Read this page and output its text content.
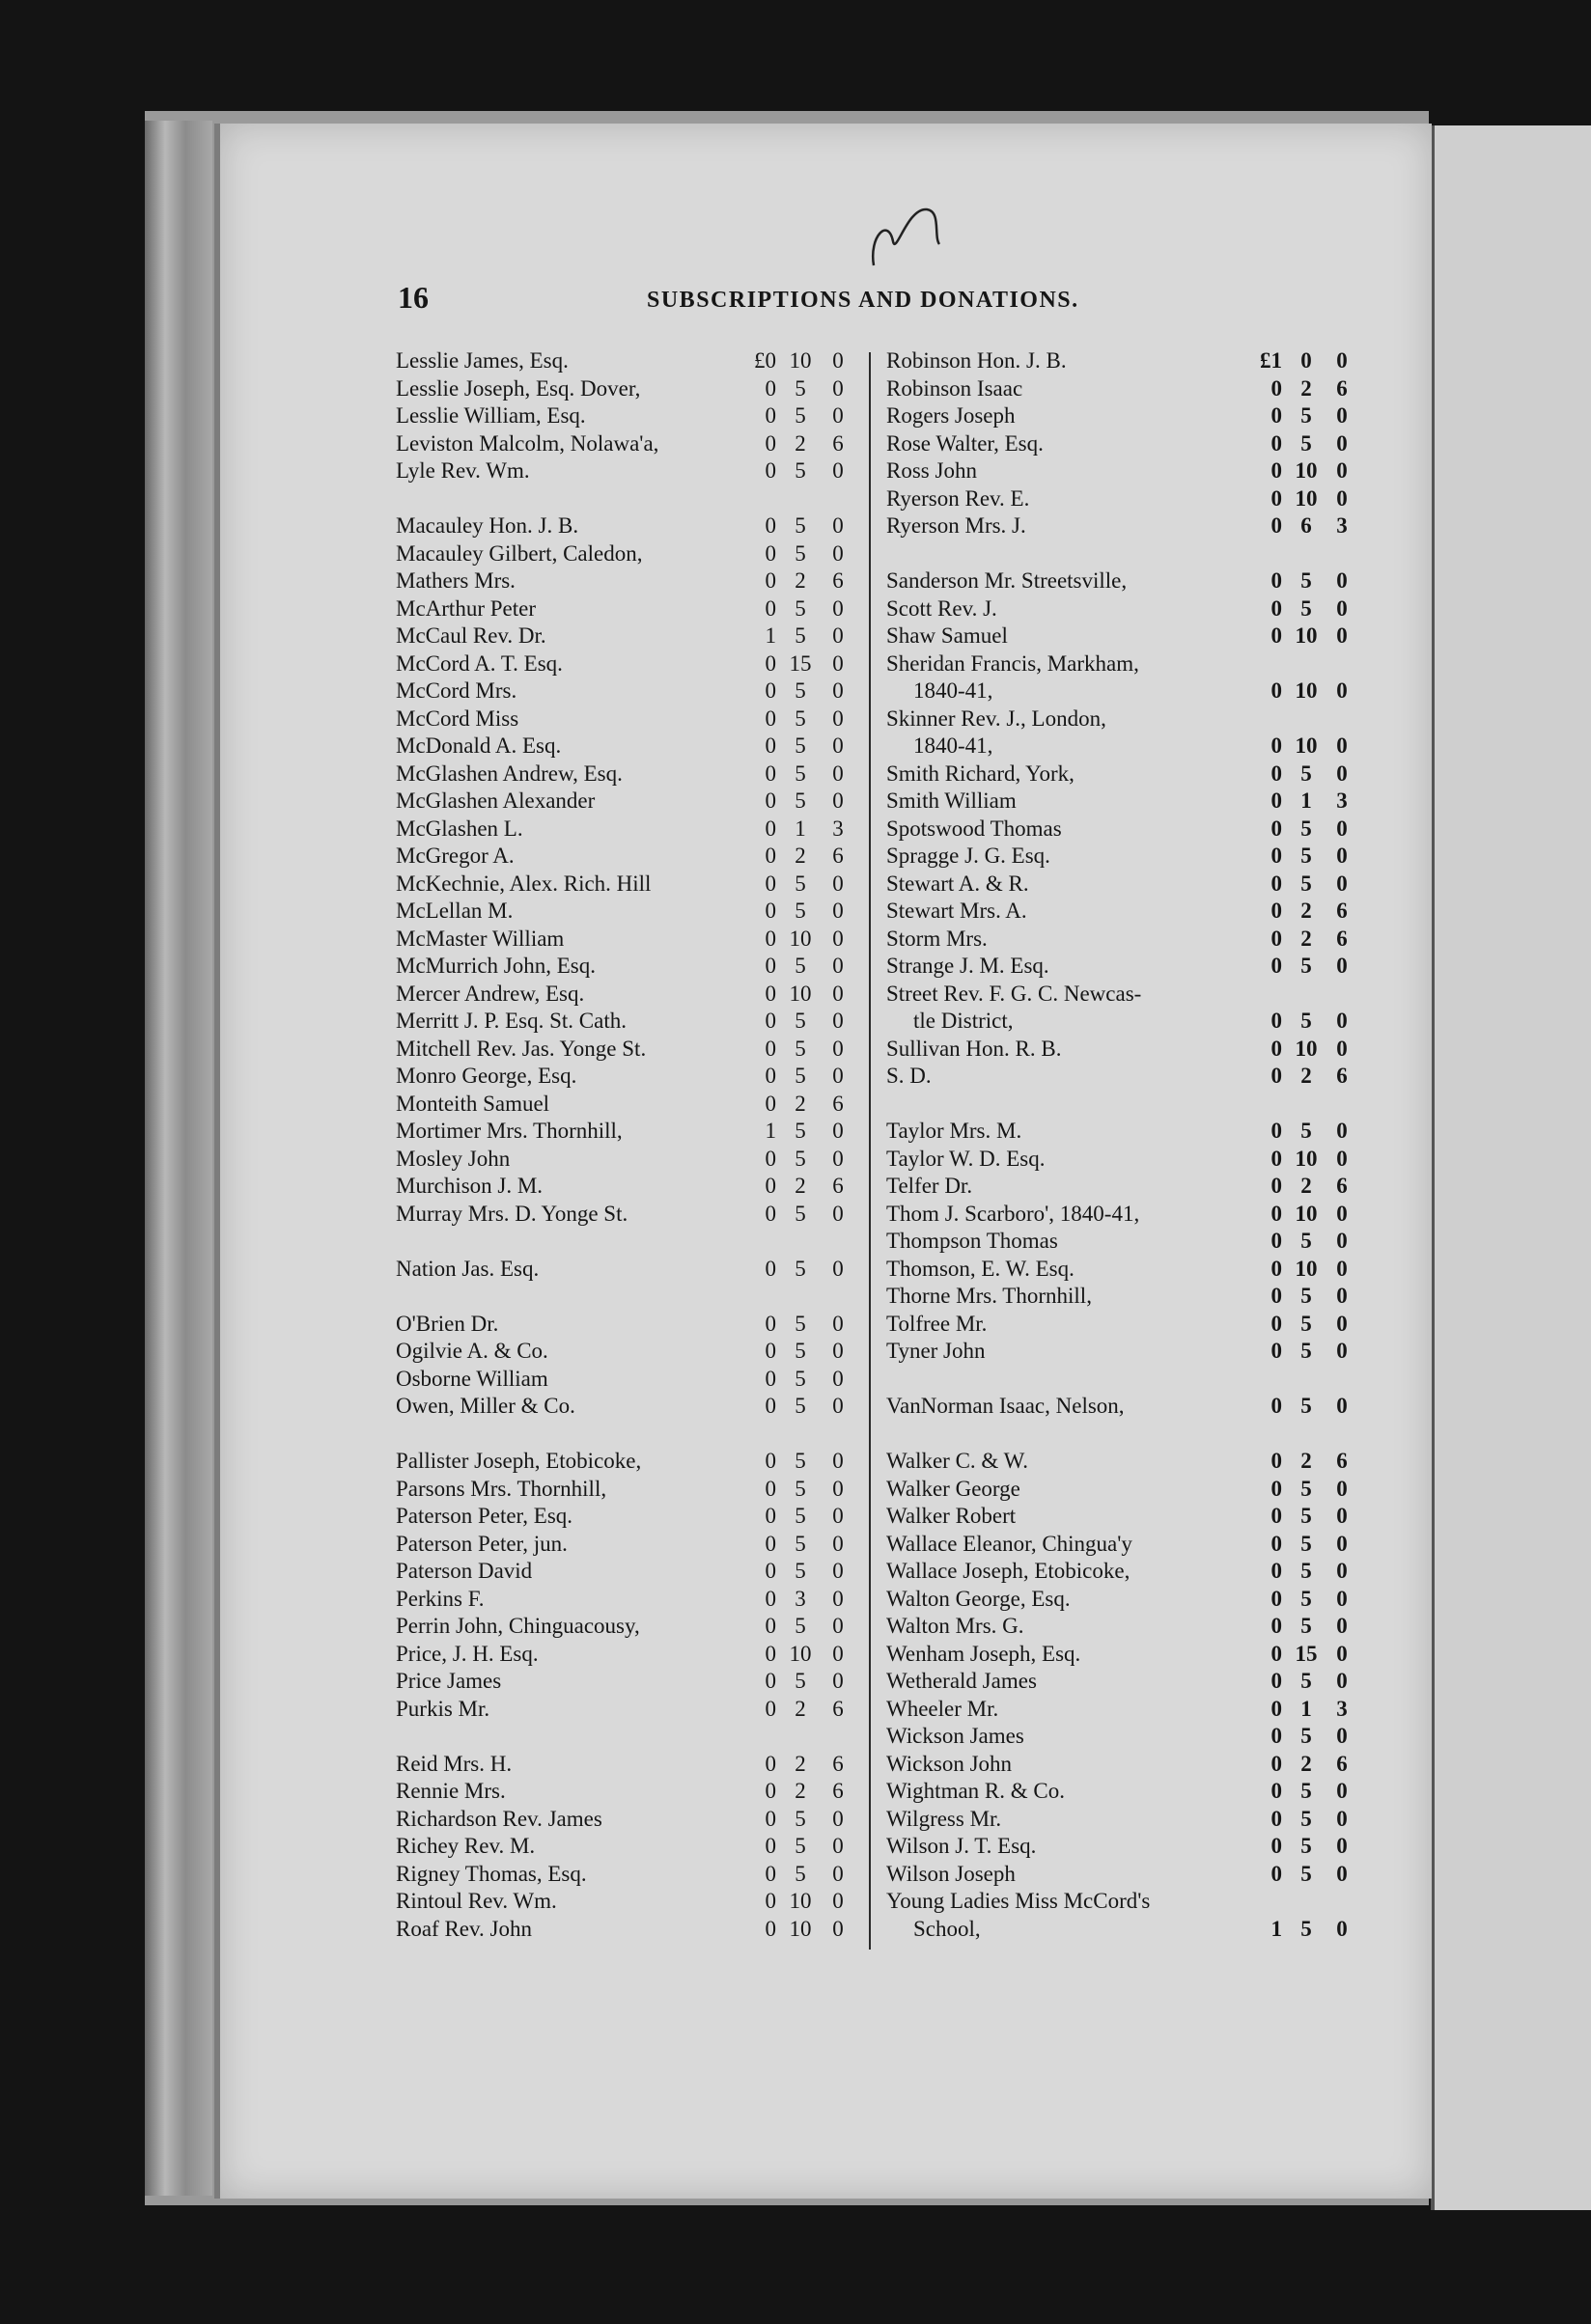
16	SUBSCRIPTIONS AND DONATIONS.
Lesslie James, Esq.	£0 10 0
Lesslie Joseph, Esq. Dover,	0 5	0
Lesslie William, Esq.	0 5	0
Leviston Malcolm, Nolawa'a,	0 2	6
Lyle Rev. Wm.	0 5	0
Macauley Hon. J. B.	0 5	0
Macauley Gilbert, Caledon,	0 5	0
Mathers Mrs.	0 2	6
McArthur Peter	0 5	0
McCaul Rev. Dr.	1 5	0
McCord A. T. Esq.	0 15 0
McCord Mrs.	0 5	0
McCord Miss	0 5	0
McDonald A. Esq.	0 5	0
McGlashen Andrew, Esq.	0 5	0
McGlashen Alexander	0 5	0
McGlashen L.	0 1	3
McGregor A.	0 2	6
McKechnie, Alex. Rich. Hill	0 5	0
McLellan M.	0 5	0
McMaster William	0 10 0
McMurrich John, Esq.	0 5	0
Mercer Andrew, Esq.	0 10 0
Merritt J. P. Esq. St. Cath.	0 5	0
Mitchell Rev. Jas. Yonge St.	0 5	0
Monro George, Esq.	0 5	0
Monteith Samuel	0 2	6
Mortimer Mrs. Thornhill,	1 5	0
Mosley John	0 5	0
Murchison J. M.	0 2	6
Murray Mrs. D. Yonge St.	0 5	0
Nation Jas. Esq.	0 5	0
O'Brien Dr.	0 5	0
Ogilvie A. & Co.	0 5	0
Osborne William	0 5	0
Owen, Miller & Co.	0 5	0
Pallister Joseph, Etobicoke,	0 5	0
Parsons Mrs. Thornhill,	0 5	0
Paterson Peter, Esq.	0 5	0
Paterson Peter, jun.	0 5	0
Paterson David	0 5	0
Perkins F.	0 3	0
Perrin John, Chinguacousy,	0 5	0
Price, J. H. Esq.	0 10 0
Price James	0 5	0
Purkis Mr.	0 2	6
Reid Mrs. H.	0 2	6
Rennie Mrs.	0 2	6
Richardson Rev. James	0 5	0
Richey Rev. M.	0 5	0
Rigney Thomas, Esq.	0 5	0
Rintoul Rev. Wm.	0 10 0
Roaf Rev. John	0 10 0
Robinson Hon. J. B.	£1 0	0
Robinson Isaac	0 2	6
Rogers Joseph	0 5	0
Rose Walter, Esq.	0 5	0
Ross John	0 10 0
Ryerson Rev. E.	0 10 0
Ryerson Mrs. J.	0 6	3
Sanderson Mr. Streetsville,	0 5	0
Scott Rev. J.	0 5	0
Shaw Samuel	0 10 0
Sheridan Francis, Markham,
1840-41,	0 10 0
Skinner Rev. J., London,
1840-41,	0 10 0
Smith Richard, York,	0 5	0
Smith William	0 1	3
Spotswood Thomas	0 5	0
Spragge J. G. Esq.	0 5	0
Stewart A. & R.	0 5	0
Stewart Mrs. A.	0 2	6
Storm Mrs.	0 2	6
Strange J. M. Esq.	0 5	0
Street Rev. F. G. C. Newcas-
tle District,	0 5	0
Sullivan Hon. R. B.	0 10 0
S. D.	0 2	6
Taylor Mrs. M.	0 5	0
Taylor W. D. Esq.	0 10 0
Telfer Dr.	0 2	6
Thom J. Scarboro', 1840-41,	0 10 0
Thompson Thomas	0 5	0
Thomson, E. W. Esq.	0 10 0
Thorne Mrs. Thornhill,	0 5	0
Tolfree Mr.	0 5	0
Tyner John	0 5	0
VanNorman Isaac, Nelson,	0 5	0
Walker C. & W.	0 2	6
Walker George	0 5	0
Walker Robert	0 5	0
Wallace Eleanor, Chingua'y	0 5	0
Wallace Joseph, Etobicoke,	0 5	0
Walton George, Esq.	0 5	0
Walton Mrs. G.	0 5	0
Wenham Joseph, Esq.	0 15 0
Wetherald James	0 5	0
Wheeler Mr.	0 1	3
Wickson James	0 5	0
Wickson John	0 2	6
Wightman R. & Co.	0 5	0
Wilgress Mr.	0 5	0
Wilson J. T. Esq.	0 5	0
Wilson Joseph	0 5	0
Young Ladies Miss McCord's
School,	1 5	0
